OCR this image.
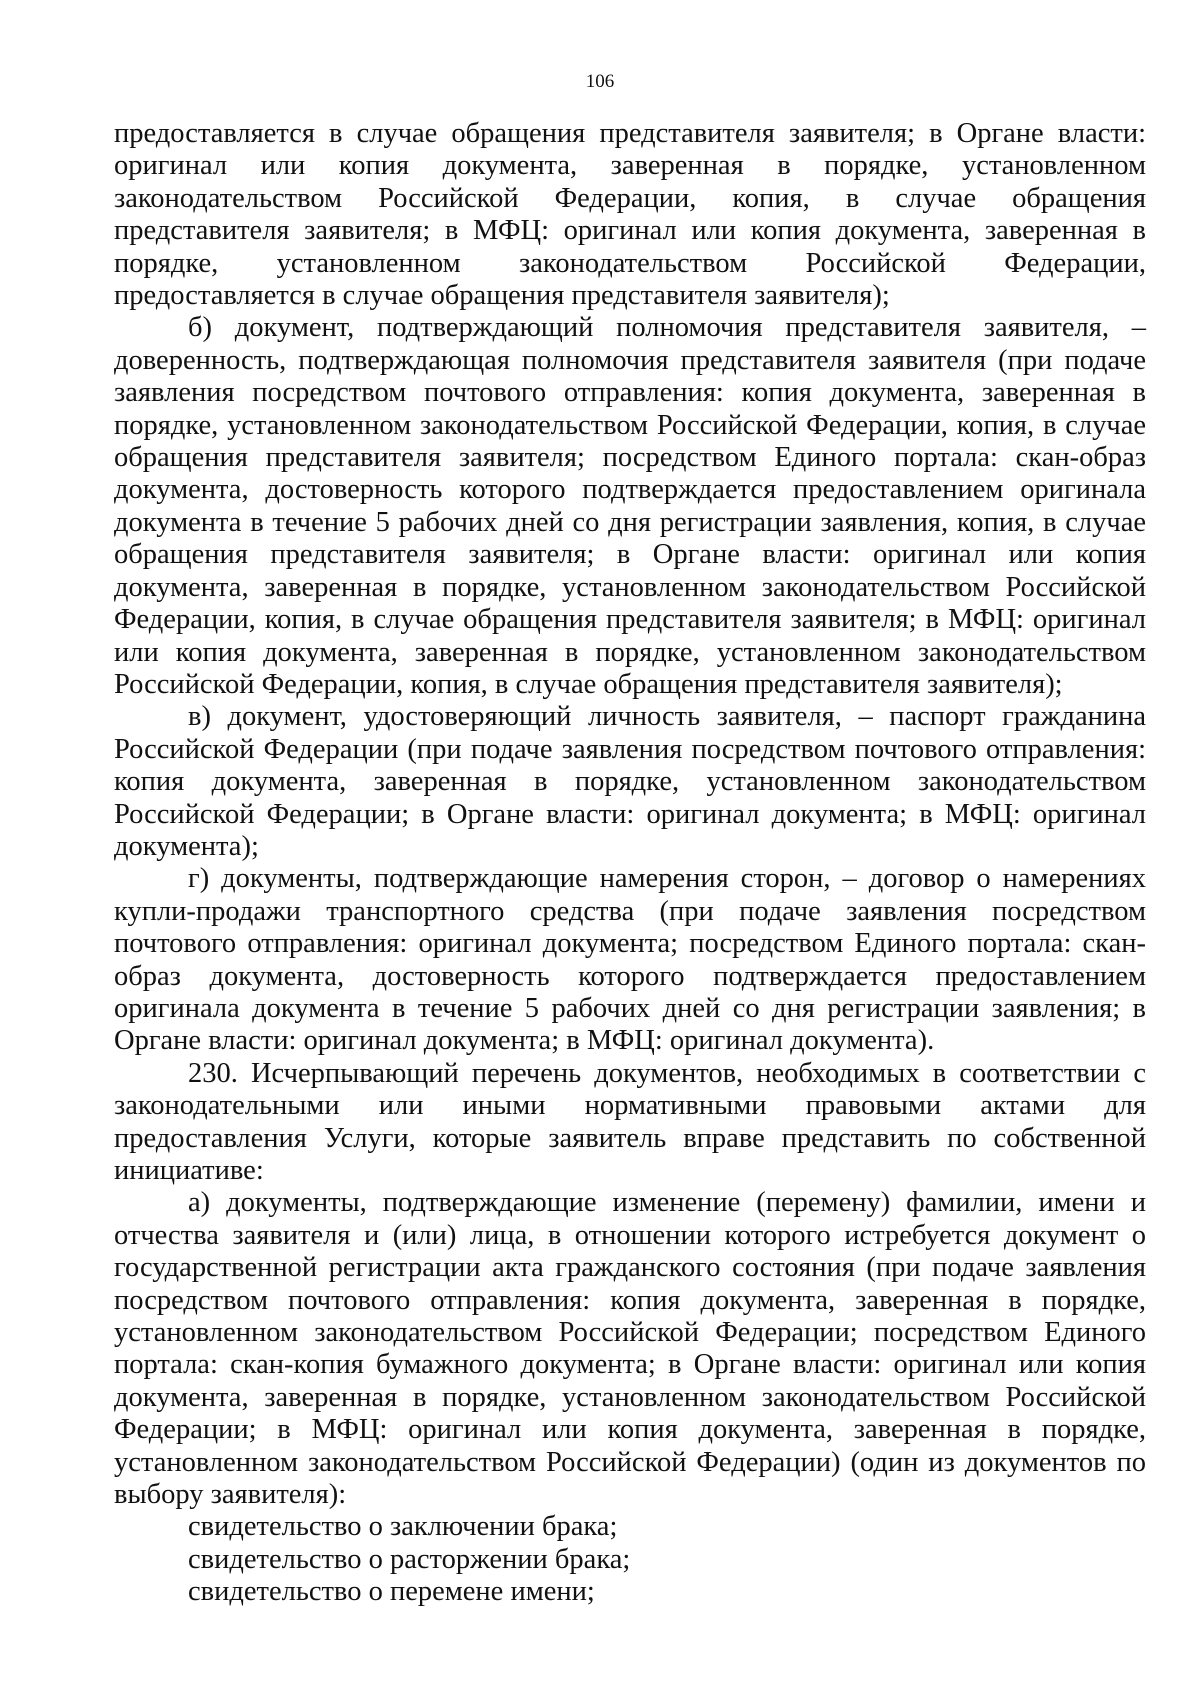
106

предоставляется в случае обращения представителя заявителя; в Органе власти: оригинал или копия документа, заверенная в порядке, установленном законодательством Российской Федерации, копия, в случае обращения представителя заявителя; в МФЦ: оригинал или копия документа, заверенная в порядке, установленном законодательством Российской Федерации, предоставляется в случае обращения представителя заявителя);

б) документ, подтверждающий полномочия представителя заявителя, – доверенность, подтверждающая полномочия представителя заявителя (при подаче заявления посредством почтового отправления: копия документа, заверенная в порядке, установленном законодательством Российской Федерации, копия, в случае обращения представителя заявителя; посредством Единого портала: скан-образ документа, достоверность которого подтверждается предоставлением оригинала документа в течение 5 рабочих дней со дня регистрации заявления, копия, в случае обращения представителя заявителя; в Органе власти: оригинал или копия документа, заверенная в порядке, установленном законодательством Российской Федерации, копия, в случае обращения представителя заявителя; в МФЦ: оригинал или копия документа, заверенная в порядке, установленном законодательством Российской Федерации, копия, в случае обращения представителя заявителя);

в) документ, удостоверяющий личность заявителя, – паспорт гражданина Российской Федерации (при подаче заявления посредством почтового отправления: копия документа, заверенная в порядке, установленном законодательством Российской Федерации; в Органе власти: оригинал документа; в МФЦ: оригинал документа);

г) документы, подтверждающие намерения сторон, – договор о намерениях купли-продажи транспортного средства (при подаче заявления посредством почтового отправления: оригинал документа; посредством Единого портала: скан-образ документа, достоверность которого подтверждается предоставлением оригинала документа в течение 5 рабочих дней со дня регистрации заявления; в Органе власти: оригинал документа; в МФЦ: оригинал документа).

230. Исчерпывающий перечень документов, необходимых в соответствии с законодательными или иными нормативными правовыми актами для предоставления Услуги, которые заявитель вправе представить по собственной инициативе:

а) документы, подтверждающие изменение (перемену) фамилии, имени и отчества заявителя и (или) лица, в отношении которого истребуется документ о государственной регистрации акта гражданского состояния (при подаче заявления посредством почтового отправления: копия документа, заверенная в порядке, установленном законодательством Российской Федерации; посредством Единого портала: скан-копия бумажного документа; в Органе власти: оригинал или копия документа, заверенная в порядке, установленном законодательством Российской Федерации; в МФЦ: оригинал или копия документа, заверенная в порядке, установленном законодательством Российской Федерации) (один из документов по выбору заявителя):

свидетельство о заключении брака;

свидетельство о расторжении брака;

свидетельство о перемене имени;
